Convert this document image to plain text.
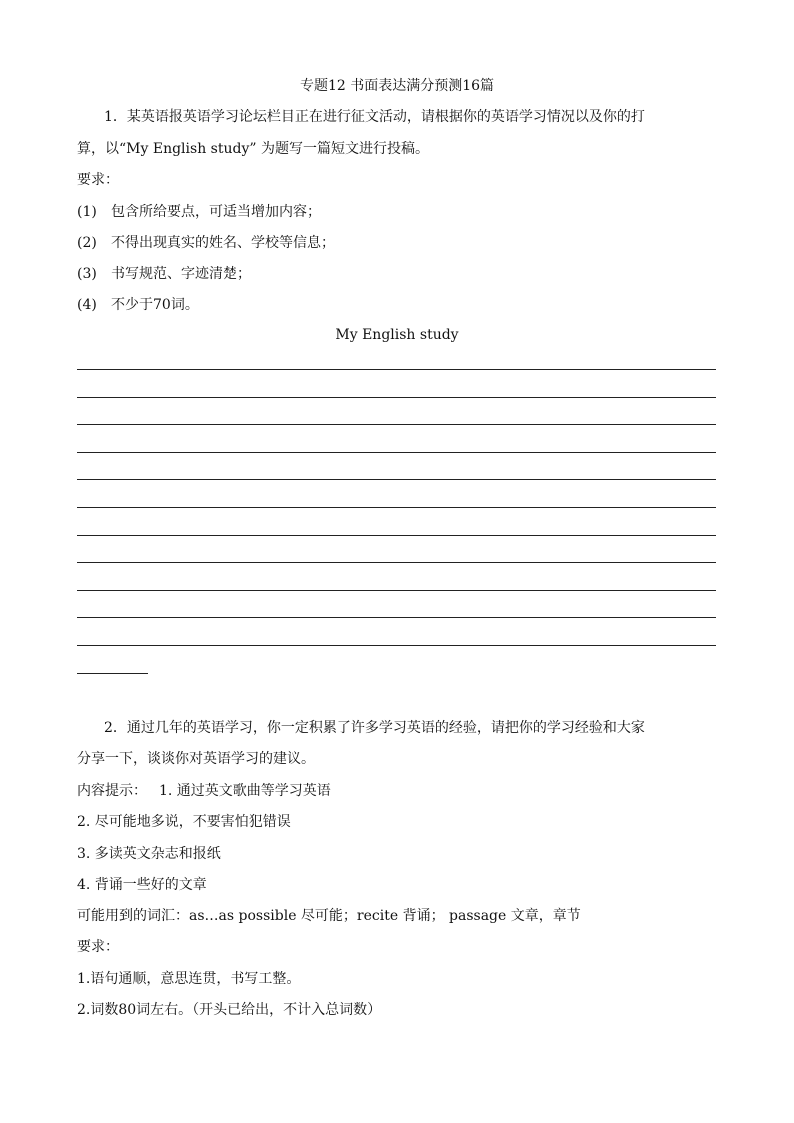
专题12 书面表达满分预测16篇
1．某英语报英语学习论坛栏目正在进行征文活动，请根据你的英语学习情况以及你的打
算，以“My English study” 为题写一篇短文进行投稿。
要求：
(1) 包含所给要点，可适当增加内容；
(2) 不得出现真实的姓名、学校等信息；
(3) 书写规范、字迹清楚；
(4) 不少于70词。
My English study
2．通过几年的英语学习，你一定积累了许多学习英语的经验，请把你的学习经验和大家
分享一下，谈谈你对英语学习的建议。
内容提示： 1. 通过英文歌曲等学习英语
2. 尽可能地多说，不要害怕犯错误
3. 多读英文杂志和报纸
4. 背诵一些好的文章
可能用到的词汇：as…as possible 尽可能；recite 背诵； passage 文章，章节
要求：
1.语句通顺，意思连贯，书写工整。
2.词数80词左右。（开头已给出，不计入总词数）
